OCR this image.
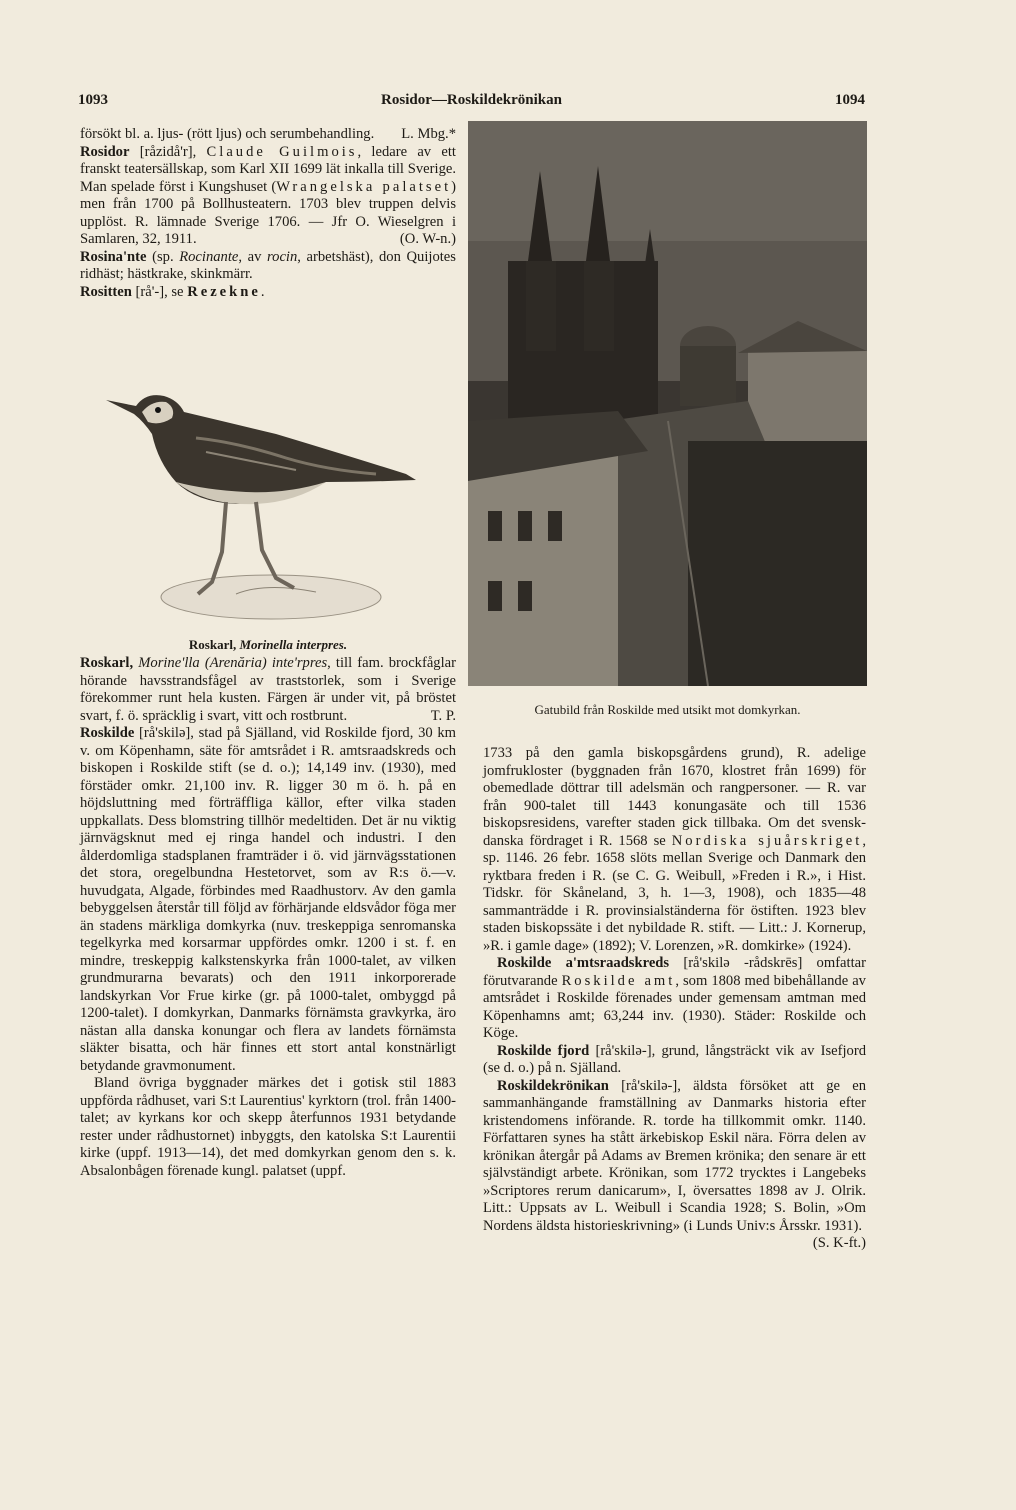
1093	Rosidor—Roskildekrönikan	1094

försökt bl. a. ljus- (rött ljus) och serumbehandling. L. Mbg.*

Rosidor [råzidå'r], Claude Guilmois, ledare av ett franskt teatersällskap, som Karl XII 1699 lät inkalla till Sverige. Man spelade först i Kungshuset (Wrangelska palatset) men från 1700 på Bollhusteatern. 1703 blev truppen delvis upplöst. R. lämnade Sverige 1706. — Jfr O. Wieselgren i Samlaren, 32, 1911.	(O. W-n.)

Rosina'nte (sp. Rocinante, av rocin, arbetshäst), don Quijotes ridhäst; hästkrake, skinkmärr.

Rositten [rå'-], se Rezekne.

Roskarl, Morinella interpres.
Gatubild från Roskilde med utsikt mot domkyrkan.

Roskarl, Morine'lla (Arenăria) inte'rpres, till fam. brockfåglar hörande havsstrandsfågel av traststorlek, som i Sverige förekommer runt hela kusten. Färgen är under vit, på bröstet svart, f. ö. spräcklig i svart, vitt och rostbrunt.	T. P.

Roskilde [rå'skilə], stad på Själland, vid Roskilde fjord, 30 km v. om Köpenhamn, säte för amtsrådet i R. amtsraadskreds och biskopen i Roskilde stift (se d. o.); 14,149 inv. (1930), med förstäder omkr. 21,100 inv. R. ligger 30 m ö. h. på en höjdsluttning med förträffliga källor, efter vilka staden uppkallats. Dess blomstring tillhör medeltiden. Det är nu viktig järnvägsknut med ej ringa handel och industri. I den ålderdomliga stadsplanen framträder i ö. vid järnvägsstationen det stora, oregelbundna Hestetorvet, som av R:s ö.—v. huvudgata, Algade, förbindes med Raadhustorv. Av den gamla bebyggelsen återstår till följd av förhärjande eldsvådor föga mer än stadens märkliga domkyrka (nuv. treskeppiga senromanska tegelkyrka med korsarmar uppfördes omkr. 1200 i st. f. en mindre, treskeppig kalkstenskyrka från 1000-talet, av vilken grundmurarna bevarats) och den 1911 inkorporerade landskyrkan Vor Frue kirke (gr. på 1000-talet, ombyggd på 1200-talet). I domkyrkan, Danmarks förnämsta gravkyrka, äro nästan alla danska konungar och flera av landets förnämsta släkter bisatta, och här finnes ett stort antal konstnärligt betydande gravmonument.

Bland övriga byggnader märkes det i gotisk stil 1883 uppförda rådhuset, vari S:t Laurentius' kyrktorn (trol. från 1400-talet; av kyrkans kor och skepp återfunnos 1931 betydande rester under rådhustornet) inbyggts, den katolska S:t Laurentii kirke (uppf. 1913—14), det med domkyrkan genom den s. k. Absalonbågen förenade kungl. palatset (uppf.

1733 på den gamla biskopsgårdens grund), R. adelige jomfrukloster (byggnaden från 1670, klostret från 1699) för obemedlade döttrar till adelsmän och rangpersoner. — R. var från 900-talet till 1443 konungasäte och till 1536 biskopsresidens, varefter staden gick tillbaka. Om det svensk-danska fördraget i R. 1568 se Nordiska sjuårskriget, sp. 1146. 26 febr. 1658 slöts mellan Sverige och Danmark den ryktbara freden i R. (se C. G. Weibull, »Freden i R.», i Hist. Tidskr. för Skåneland, 3, h. 1—3, 1908), och 1835—48 sammanträdde i R. provinsialständerna för östiften. 1923 blev staden biskopssäte i det nybildade R. stift. — Litt.: J. Kornerup, »R. i gamle dage» (1892); V. Lorenzen, »R. domkirke» (1924).

Roskilde a'mtsraadskreds [rå'skilə -rådskrēs] omfattar förutvarande Roskilde amt, som 1808 med bibehållande av amtsrådet i Roskilde förenades under gemensam amtman med Köpenhamns amt; 63,244 inv. (1930). Städer: Roskilde och Köge.

Roskilde fjord [rå'skilə-], grund, långsträckt vik av Isefjord (se d. o.) på n. Själland.

Roskildekrönikan [rå'skilə-], äldsta försöket att ge en sammanhängande framställning av Danmarks historia efter kristendomens införande. R. torde ha tillkommit omkr. 1140. Författaren synes ha stått ärkebiskop Eskil nära. Förra delen av krönikan återgår på Adams av Bremen krönika; den senare är ett självständigt arbete. Krönikan, som 1772 trycktes i Langebeks »Scriptores rerum danicarum», I, översattes 1898 av J. Olrik. Litt.: Uppsats av L. Weibull i Scandia 1928; S. Bolin, »Om Nordens äldsta historieskrivning» (i Lunds Univ:s Årsskr. 1931).
(S. K-ft.)
